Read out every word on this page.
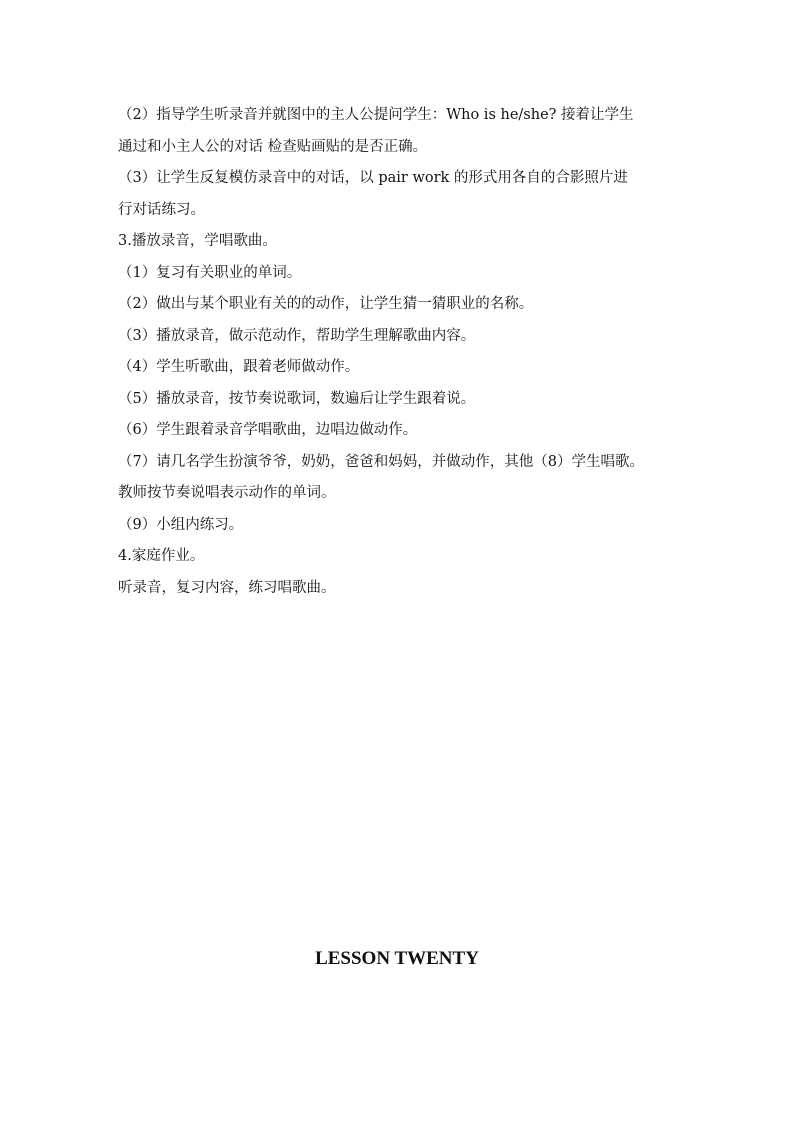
（2）指导学生听录音并就图中的主人公提问学生：Who is he/she? 接着让学生
通过和小主人公的对话 检查贴画贴的是否正确。
（3）让学生反复模仿录音中的对话，以 pair work 的形式用各自的合影照片进
行对话练习。
3.播放录音，学唱歌曲。
（1）复习有关职业的单词。
（2）做出与某个职业有关的的动作，让学生猜一猜职业的名称。
（3）播放录音，做示范动作，帮助学生理解歌曲内容。
（4）学生听歌曲，跟着老师做动作。
（5）播放录音，按节奏说歌词，数遍后让学生跟着说。
（6）学生跟着录音学唱歌曲，边唱边做动作。
（7）请几名学生扮演爷爷，奶奶，爸爸和妈妈，并做动作，其他（8）学生唱歌。
教师按节奏说唱表示动作的单词。
（9）小组内练习。
4.家庭作业。
听录音，复习内容，练习唱歌曲。
LESSON TWENTY
